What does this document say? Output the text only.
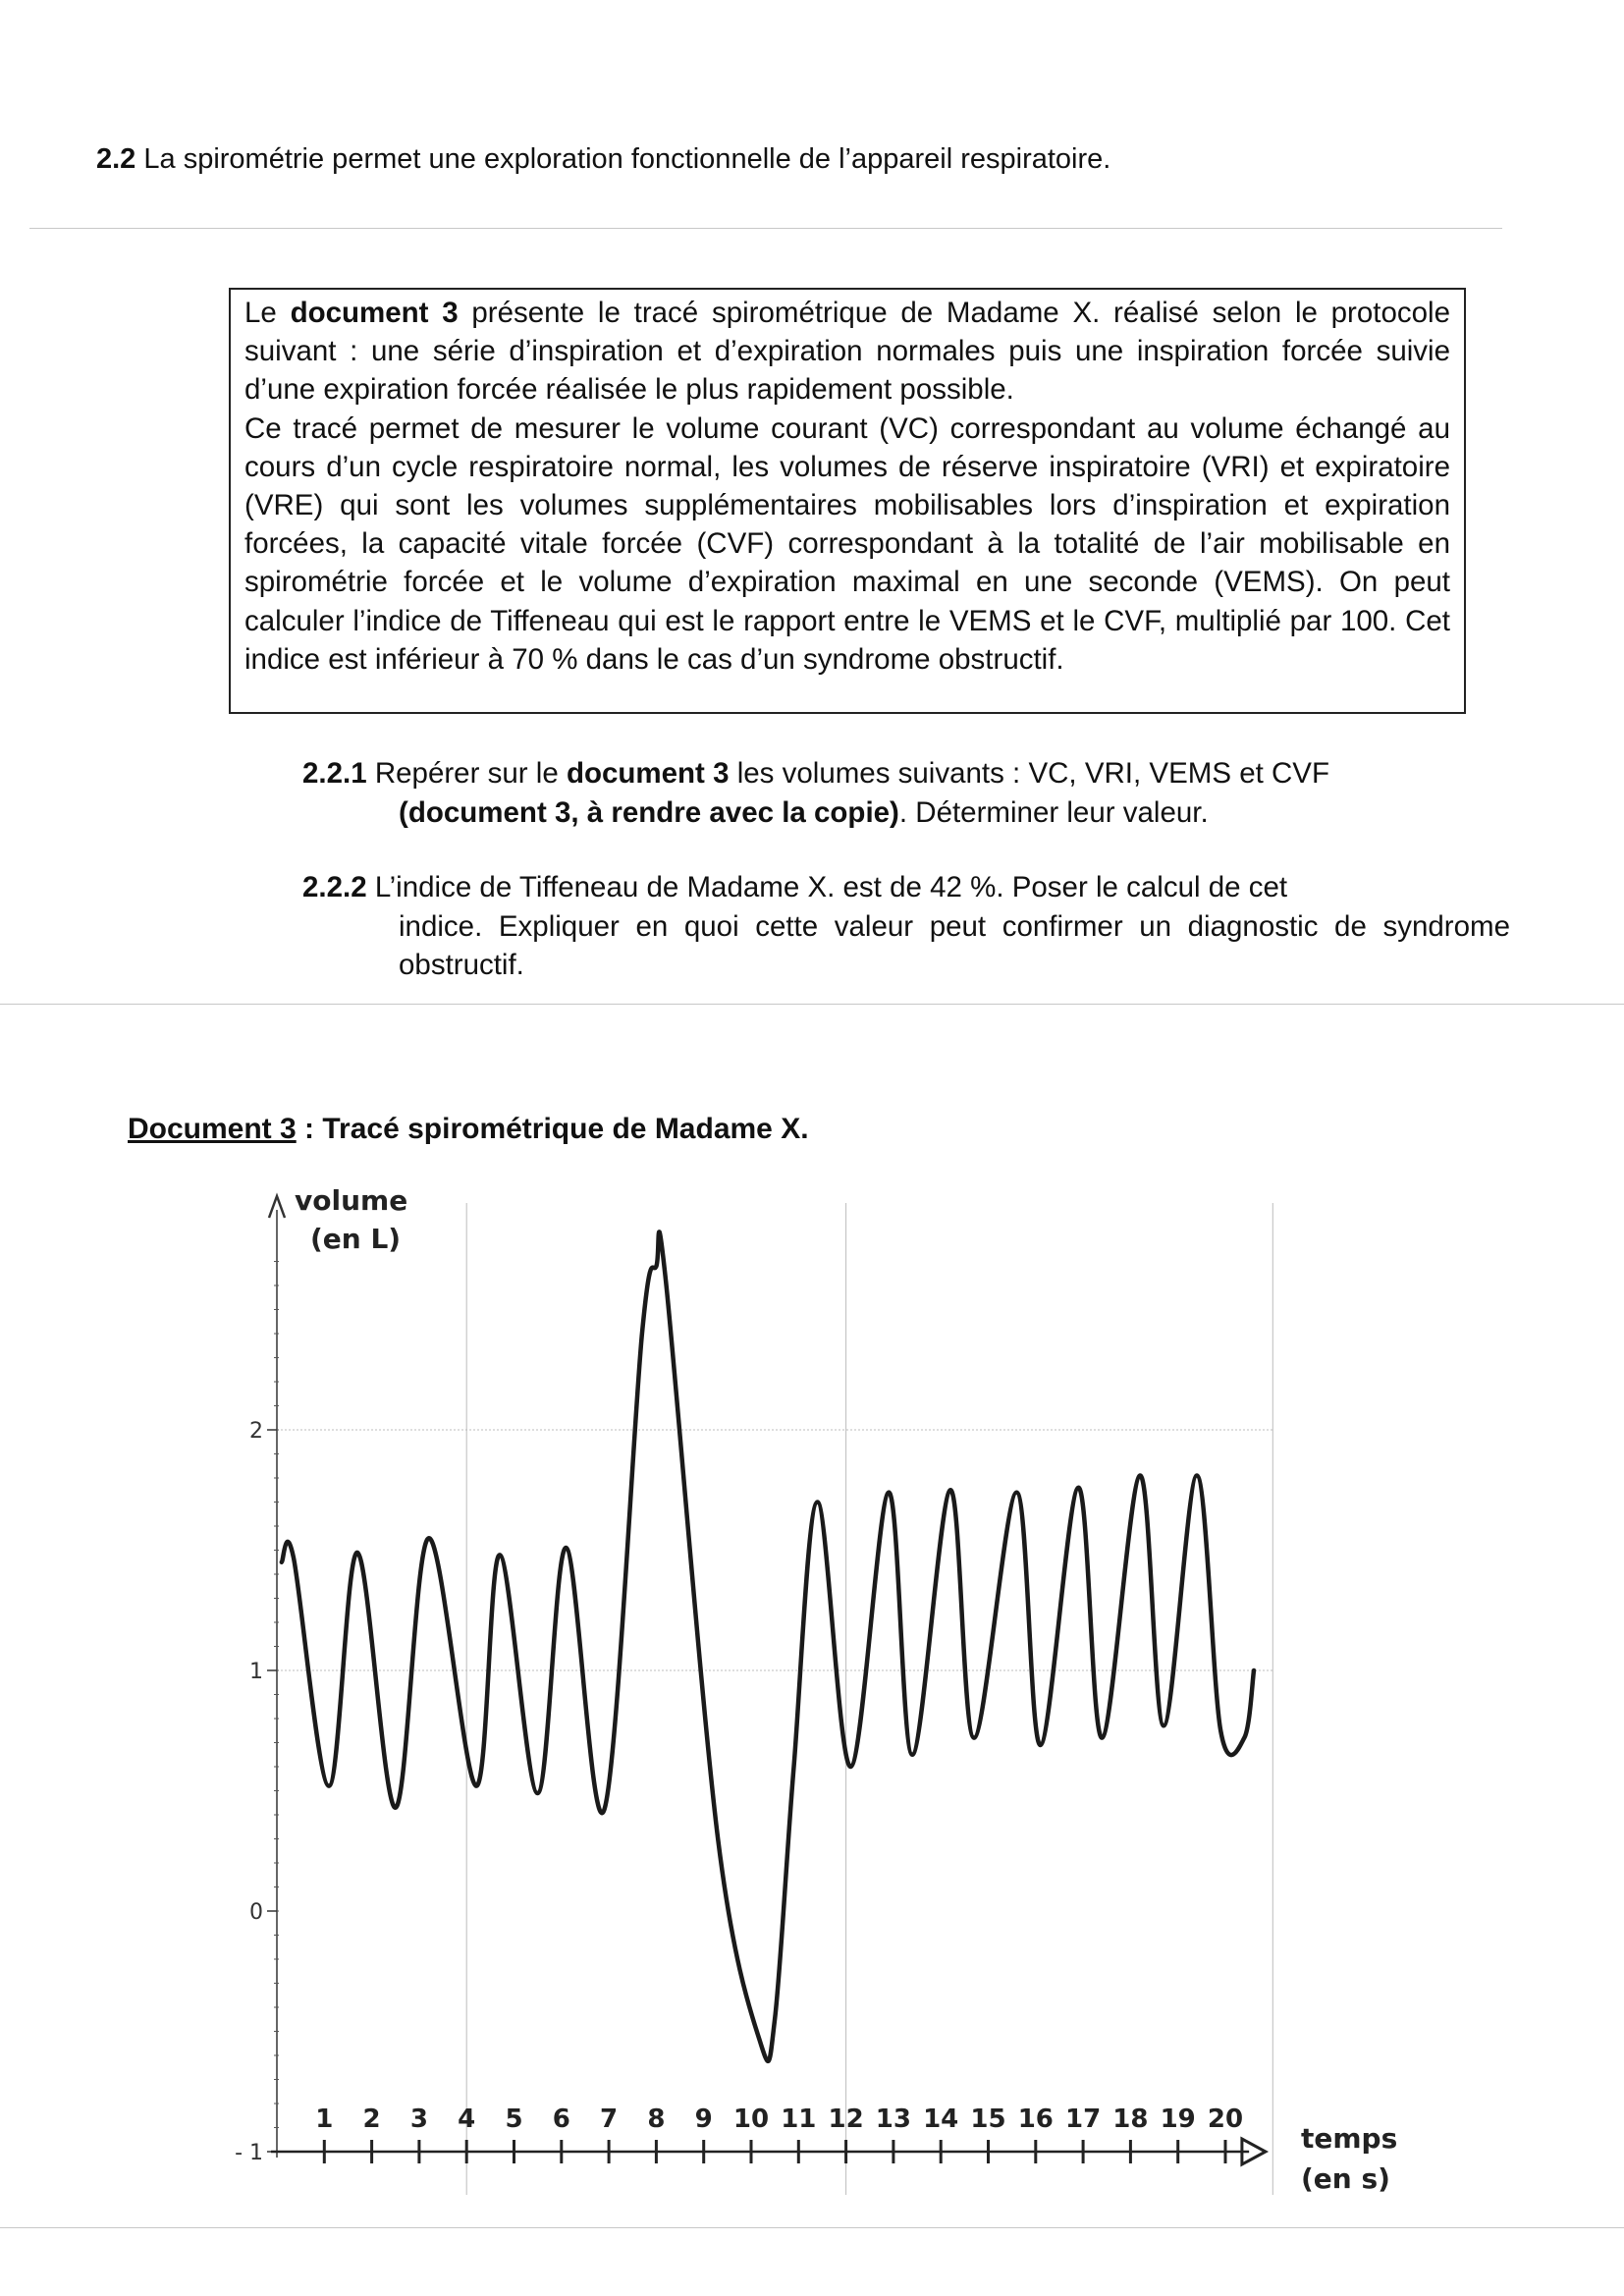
2.2 La spirométrie permet une exploration fonctionnelle de l’appareil respiratoire.

Le document 3 présente le tracé spirométrique de Madame X. réalisé selon le protocole suivant : une série d’inspiration et d’expiration normales puis une inspiration forcée suivie d’une expiration forcée réalisée le plus rapidement possible.

Ce tracé permet de mesurer le volume courant (VC) correspondant au volume échangé au cours d’un cycle respiratoire normal, les volumes de réserve inspiratoire (VRI) et expiratoire (VRE) qui sont les volumes supplémentaires mobilisables lors d’inspiration et expiration forcées, la capacité vitale forcée (CVF) correspondant à la totalité de l’air mobilisable en spirométrie forcée et le volume d’expiration maximal en une seconde (VEMS). On peut calculer l’indice de Tiffeneau qui est le rapport entre le VEMS et le CVF, multiplié par 100. Cet indice est inférieur à 70 % dans le cas d’un syndrome obstructif.

2.2.1 Repérer sur le document 3 les volumes suivants : VC, VRI, VEMS et CVF
(document 3, à rendre avec la copie). Déterminer leur valeur.
2.2.2 L’indice de Tiffeneau de Madame X. est de 42 %. Poser le calcul de cet
indice. Expliquer en quoi cette valeur peut confirmer un diagnostic de syndrome obstructif.
Document 3 : Tracé spirométrique de Madame X.
2
1
0
- 1
1 2 3 4 5 6 7 8 9 10 11 12 13 14 15 16 17 18 19 20
volume
(en L)
temps
(en s)
